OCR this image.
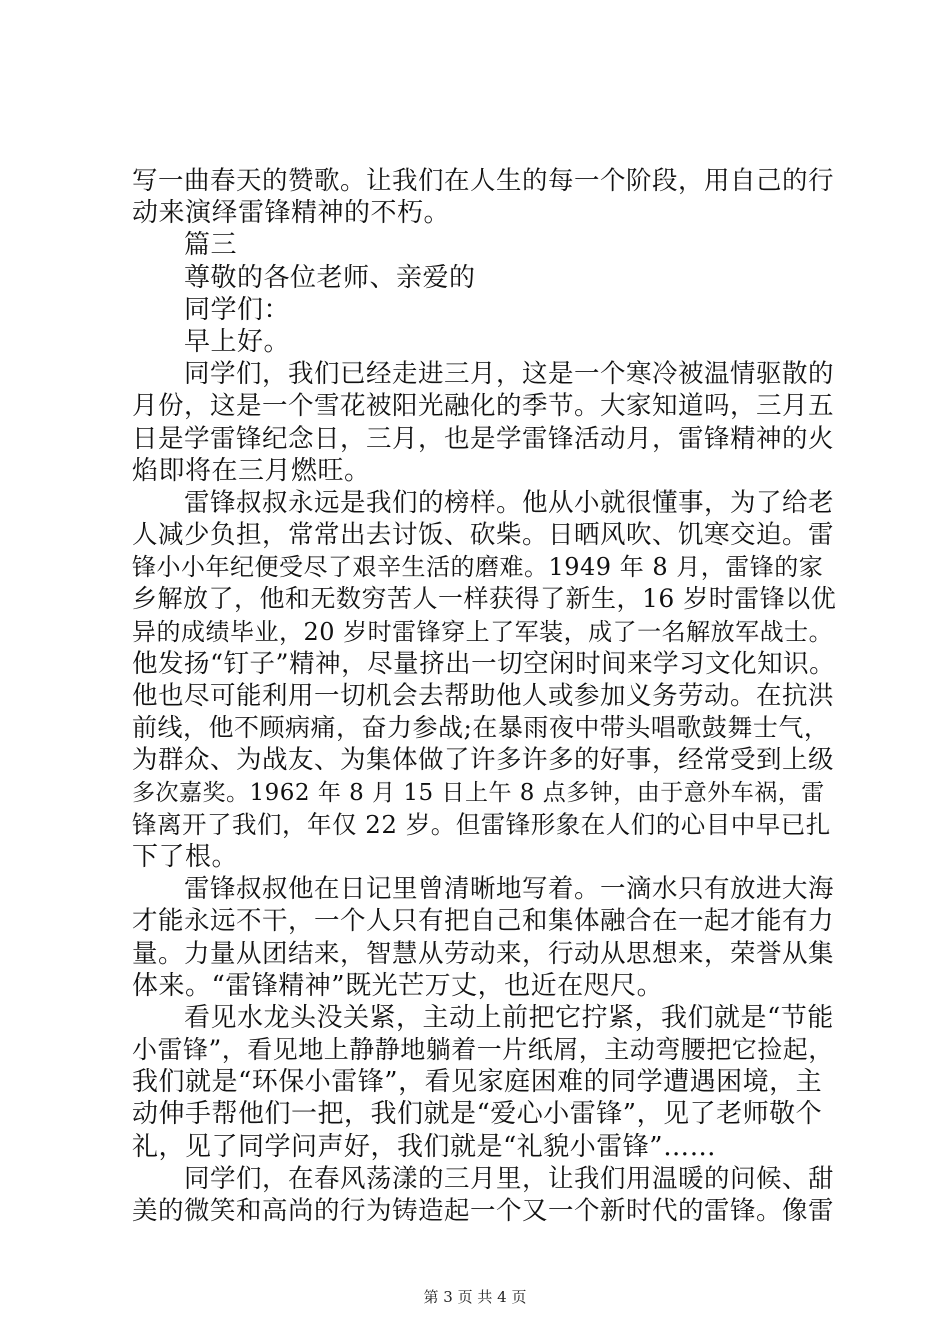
写一曲春天的赞歌。让我们在人生的每一个阶段，用自己的行
动来演绎雷锋精神的不朽。
篇三
尊敬的各位老师、亲爱的
同学们：
早上好。
同学们，我们已经走进三月，这是一个寒冷被温情驱散的
月份，这是一个雪花被阳光融化的季节。大家知道吗，三月五
日是学雷锋纪念日，三月，也是学雷锋活动月，雷锋精神的火
焰即将在三月燃旺。
雷锋叔叔永远是我们的榜样。他从小就很懂事，为了给老
人减少负担，常常出去讨饭、砍柴。日晒风吹、饥寒交迫。雷
锋小小年纪便受尽了艰辛生活的磨难。1949 年 8 月，雷锋的家
乡解放了，他和无数穷苦人一样获得了新生，16 岁时雷锋以优
异的成绩毕业，20 岁时雷锋穿上了军装，成了一名解放军战士。
他发扬“钉子”精神，尽量挤出一切空闲时间来学习文化知识。
他也尽可能利用一切机会去帮助他人或参加义务劳动。在抗洪
前线，他不顾病痛，奋力参战;在暴雨夜中带头唱歌鼓舞士气，
为群众、为战友、为集体做了许多许多的好事，经常受到上级
多次嘉奖。1962 年 8 月 15 日上午 8 点多钟，由于意外车祸，雷
锋离开了我们，年仅 22 岁。但雷锋形象在人们的心目中早已扎
下了根。
雷锋叔叔他在日记里曾清晰地写着。一滴水只有放进大海
才能永远不干，一个人只有把自己和集体融合在一起才能有力
量。力量从团结来，智慧从劳动来，行动从思想来，荣誉从集
体来。“雷锋精神”既光芒万丈，也近在咫尺。
看见水龙头没关紧，主动上前把它拧紧，我们就是“节能
小雷锋”，看见地上静静地躺着一片纸屑，主动弯腰把它捡起，
我们就是“环保小雷锋”，看见家庭困难的同学遭遇困境，主
动伸手帮他们一把，我们就是“爱心小雷锋”，见了老师敬个
礼，见了同学问声好，我们就是“礼貌小雷锋”……
同学们，在春风荡漾的三月里，让我们用温暖的问候、甜
美的微笑和高尚的行为铸造起一个又一个新时代的雷锋。像雷
第 3 页 共 4 页
